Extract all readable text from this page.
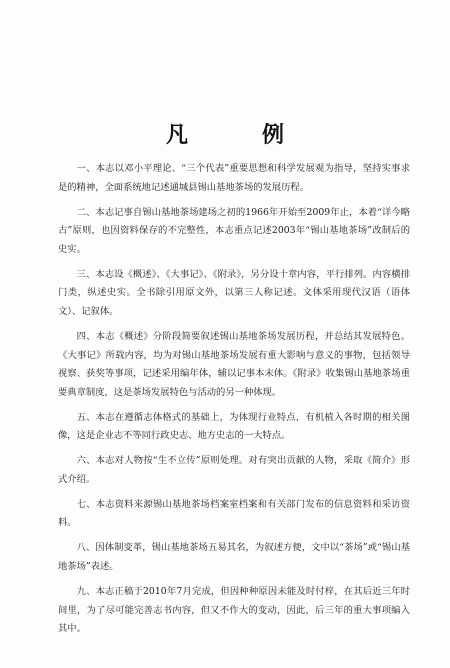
凡　例

一、本志以邓小平理论、“三个代表”重要思想和科学发展观为指导，坚持实事求是的精神，全面系统地记述通城县锡山基地茶场的发展历程。

二、本志记事自锡山基地茶场建场之初的1966年开始至2009年止，本着“详今略古”原则，也因资料保存的不完整性，本志重点记述2003年“锡山基地茶场”改制后的史实。

三、本志设《概述》、《大事记》、《附录》，另分设十章内容，平行排列。内容横排门类，纵述史实。全书除引用原文外，以第三人称记述。文体采用现代汉语（语体文）、记叙体。

四、本志《概述》分阶段简要叙述锡山基地茶场发展历程，并总结其发展特色。《大事记》所载内容，均为对锡山基地茶场发展有重大影响与意义的事物，包括领导视察、获奖等事项，记述采用编年体，辅以记事本末体。《附录》收集锡山基地茶场重要典章制度，这是茶场发展特色与活动的另一种体现。

五、本志在遵循志体格式的基础上，为体现行业特点，有机植入各时期的相关图像，这是企业志不等同行政史志、地方史志的一大特点。

六、本志对人物按“生不立传”原则处理。对有突出贡献的人物，采取《简介》形式介绍。

七、本志资料来源锡山基地茶场档案室档案和有关部门发布的信息资料和采访资料。

八、因体制变革，锡山基地茶场五易其名，为叙述方便，文中以“茶场”或“锡山基地茶场”表述。

九、本志正稿于2010年7月完成，但因种种原因未能及时付梓，在其后近三年时间里，为了尽可能完善志书内容，但又不作大的变动，因此，后三年的重大事项编入其中。
